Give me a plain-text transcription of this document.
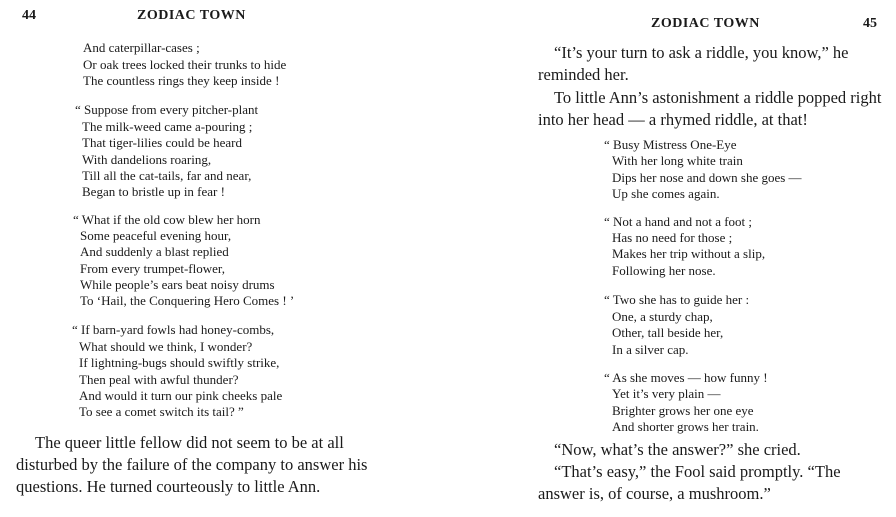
44	ZODIAC TOWN
And caterpillar-cases ;
Or oak trees locked their trunks to hide
The countless rings they keep inside !
“ Suppose from every pitcher-plant
The milk-weed came a-pouring ;
That tiger-lilies could be heard
With dandelions roaring,
Till all the cat-tails, far and near,
Began to bristle up in fear !
“ What if the old cow blew her horn
Some peaceful evening hour,
And suddenly a blast replied
From every trumpet-flower,
While people’s ears beat noisy drums
To ‘Hail, the Conquering Hero Comes ! ’
“ If barn-yard fowls had honey-combs,
What should we think, I wonder?
If lightning-bugs should swiftly strike,
Then peal with awful thunder?
And would it turn our pink cheeks pale
To see a comet switch its tail? ”
The queer little fellow did not seem to be at all
disturbed by the failure of the company to answer his
questions. He turned courteously to little Ann.
ZODIAC TOWN	45
“It’s your turn to ask a riddle, you know,” he
reminded her.
To little Ann’s astonishment a riddle popped right
into her head — a rhymed riddle, at that!
“ Busy Mistress One-Eye
With her long white train
Dips her nose and down she goes —
Up she comes again.
“ Not a hand and not a foot ;
Has no need for those ;
Makes her trip without a slip,
Following her nose.
“ Two she has to guide her :
One, a sturdy chap,
Other, tall beside her,
In a silver cap.
“ As she moves — how funny !
Yet it’s very plain —
Brighter grows her one eye
And shorter grows her train.
“Now, what’s the answer?” she cried.
“That’s easy,” the Fool said promptly. “The
answer is, of course, a mushroom.”
